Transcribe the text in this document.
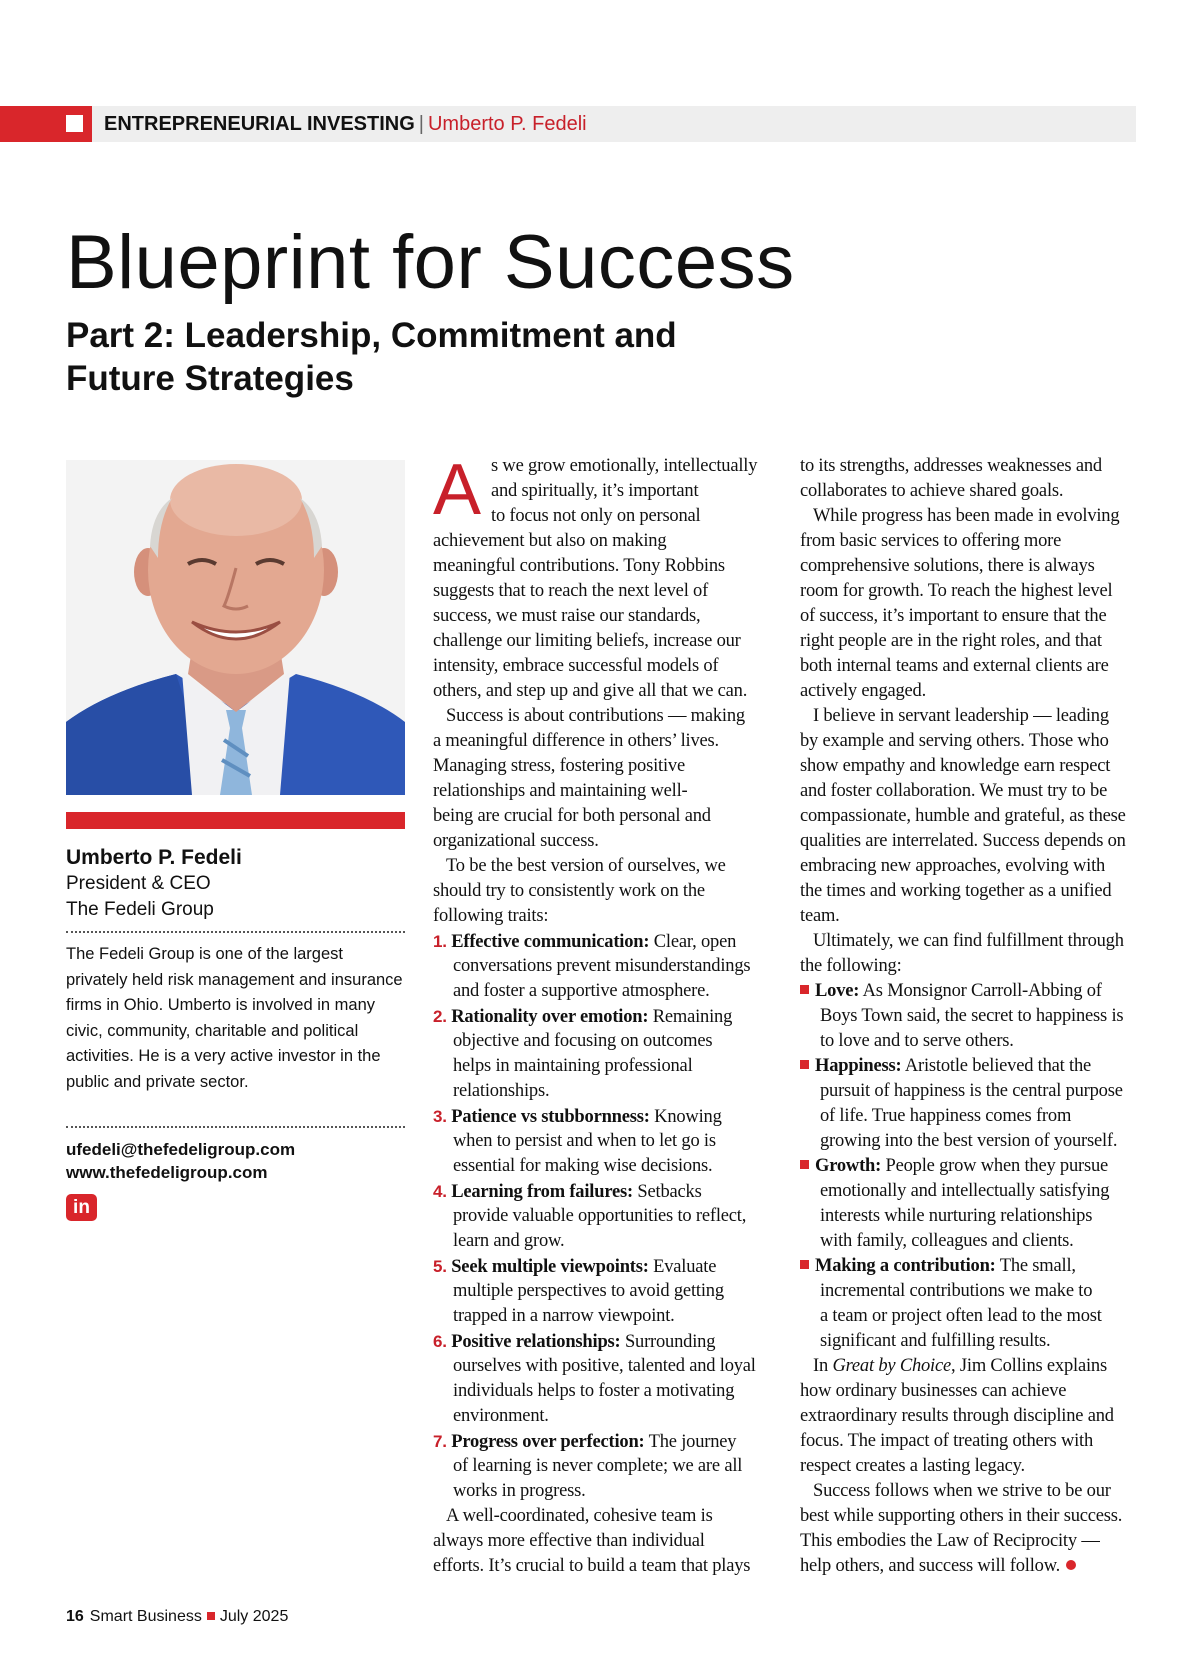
ENTREPRENEURIAL INVESTING | Umberto P. Fedeli
Blueprint for Success
Part 2: Leadership, Commitment and Future Strategies
Umberto P. Fedeli
President & CEO
The Fedeli Group

The Fedeli Group is one of the largest privately held risk management and insurance firms in Ohio. Umberto is involved in many civic, community, charitable and political activities. He is a very active investor in the public and private sector.

ufedeli@thefedeligroup.com
www.thefedeligroup.com
in
A s we grow emotionally, intellectually
and spiritually, it’s important
to focus not only on personal
achievement but also on making
meaningful contributions. Tony Robbins
suggests that to reach the next level of
success, we must raise our standards,
challenge our limiting beliefs, increase our
intensity, embrace successful models of
others, and step up and give all that we can.
Success is about contributions — making
a meaningful difference in others’ lives.
Managing stress, fostering positive
relationships and maintaining well-
being are crucial for both personal and
organizational success.
To be the best version of ourselves, we
should try to consistently work on the
following traits:
1. Effective communication: Clear, open
conversations prevent misunderstandings
and foster a supportive atmosphere.
2. Rationality over emotion: Remaining
objective and focusing on outcomes
helps in maintaining professional
relationships.
3. Patience vs stubbornness: Knowing
when to persist and when to let go is
essential for making wise decisions.
4. Learning from failures: Setbacks
provide valuable opportunities to reflect,
learn and grow.
5. Seek multiple viewpoints: Evaluate
multiple perspectives to avoid getting
trapped in a narrow viewpoint.
6. Positive relationships: Surrounding
ourselves with positive, talented and loyal
individuals helps to foster a motivating
environment.
7. Progress over perfection: The journey
of learning is never complete; we are all
works in progress.
A well-coordinated, cohesive team is
always more effective than individual
efforts. It’s crucial to build a team that plays
to its strengths, addresses weaknesses and
collaborates to achieve shared goals.
While progress has been made in evolving
from basic services to offering more
comprehensive solutions, there is always
room for growth. To reach the highest level
of success, it’s important to ensure that the
right people are in the right roles, and that
both internal teams and external clients are
actively engaged.
I believe in servant leadership — leading
by example and serving others. Those who
show empathy and knowledge earn respect
and foster collaboration. We must try to be
compassionate, humble and grateful, as these
qualities are interrelated. Success depends on
embracing new approaches, evolving with
the times and working together as a unified
team.
Ultimately, we can find fulfillment through
the following:
Love: As Monsignor Carroll-Abbing of
Boys Town said, the secret to happiness is
to love and to serve others.
Happiness: Aristotle believed that the
pursuit of happiness is the central purpose
of life. True happiness comes from
growing into the best version of yourself.
Growth: People grow when they pursue
emotionally and intellectually satisfying
interests while nurturing relationships
with family, colleagues and clients.
Making a contribution: The small,
incremental contributions we make to
a team or project often lead to the most
significant and fulfilling results.
In Great by Choice, Jim Collins explains
how ordinary businesses can achieve
extraordinary results through discipline and
focus. The impact of treating others with
respect creates a lasting legacy.
Success follows when we strive to be our
best while supporting others in their success.
This embodies the Law of Reciprocity —
help others, and success will follow.
16 Smart Business July 2025
